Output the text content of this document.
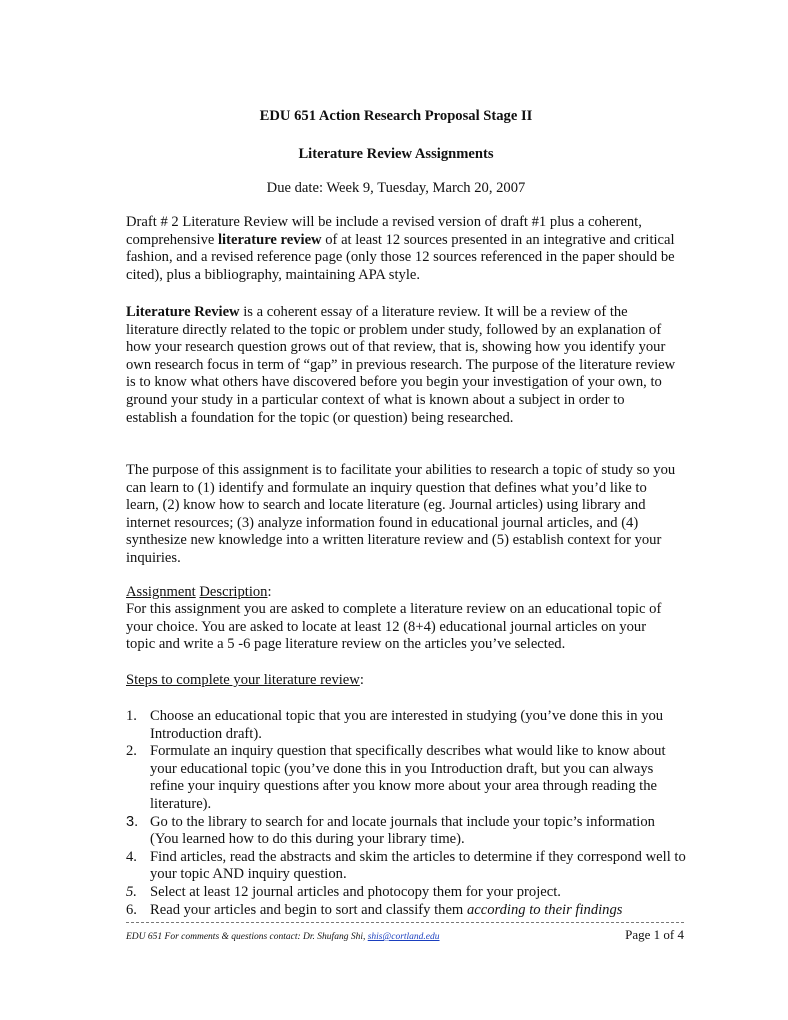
EDU 651 Action Research Proposal Stage II
Literature Review Assignments
Due date: Week 9, Tuesday, March 20, 2007

Draft # 2 Literature Review will be include a revised version of draft #1 plus a coherent, comprehensive literature review of at least 12 sources presented in an integrative and critical fashion, and a revised reference page (only those 12 sources referenced in the paper should be cited), plus a bibliography, maintaining APA style.

Literature Review is a coherent essay of a literature review. It will be a review of the literature directly related to the topic or problem under study, followed by an explanation of how your research question grows out of that review, that is, showing how you identify your own research focus in term of “gap” in previous research. The purpose of the literature review is to know what others have discovered before you begin your investigation of your own, to ground your study in a particular context of what is known about a subject in order to establish a foundation for the topic (or question) being researched.

The purpose of this assignment is to facilitate your abilities to research a topic of study so you can learn to (1) identify and formulate an inquiry question that defines what you’d like to learn, (2) know how to search and locate literature (eg. Journal articles) using library and internet resources; (3) analyze information found in educational journal articles, and (4) synthesize new knowledge into a written literature review and (5) establish context for your inquiries.

Assignment Description:

For this assignment you are asked to complete a literature review on an educational topic of your choice. You are asked to locate at least 12 (8+4) educational journal articles on your topic and write a 5 -6 page literature review on the articles you’ve selected.

Steps to complete your literature review:

1. Choose an educational topic that you are interested in studying (you’ve done this in you Introduction draft).
2. Formulate an inquiry question that specifically describes what would like to know about your educational topic (you’ve done this in you Introduction draft, but you can always refine your inquiry questions after you know more about your area through reading the literature).
3. Go to the library to search for and locate journals that include your topic’s information (You learned how to do this during your library time).
4. Find articles, read the abstracts and skim the articles to determine if they correspond well to your topic AND inquiry question.
5. Select at least 12 journal articles and photocopy them for your project.
6. Read your articles and begin to sort and classify them according to their findings
EDU 651 For comments & questions contact: Dr. Shufang Shi, shis@cortland.edu	Page 1 of 4
